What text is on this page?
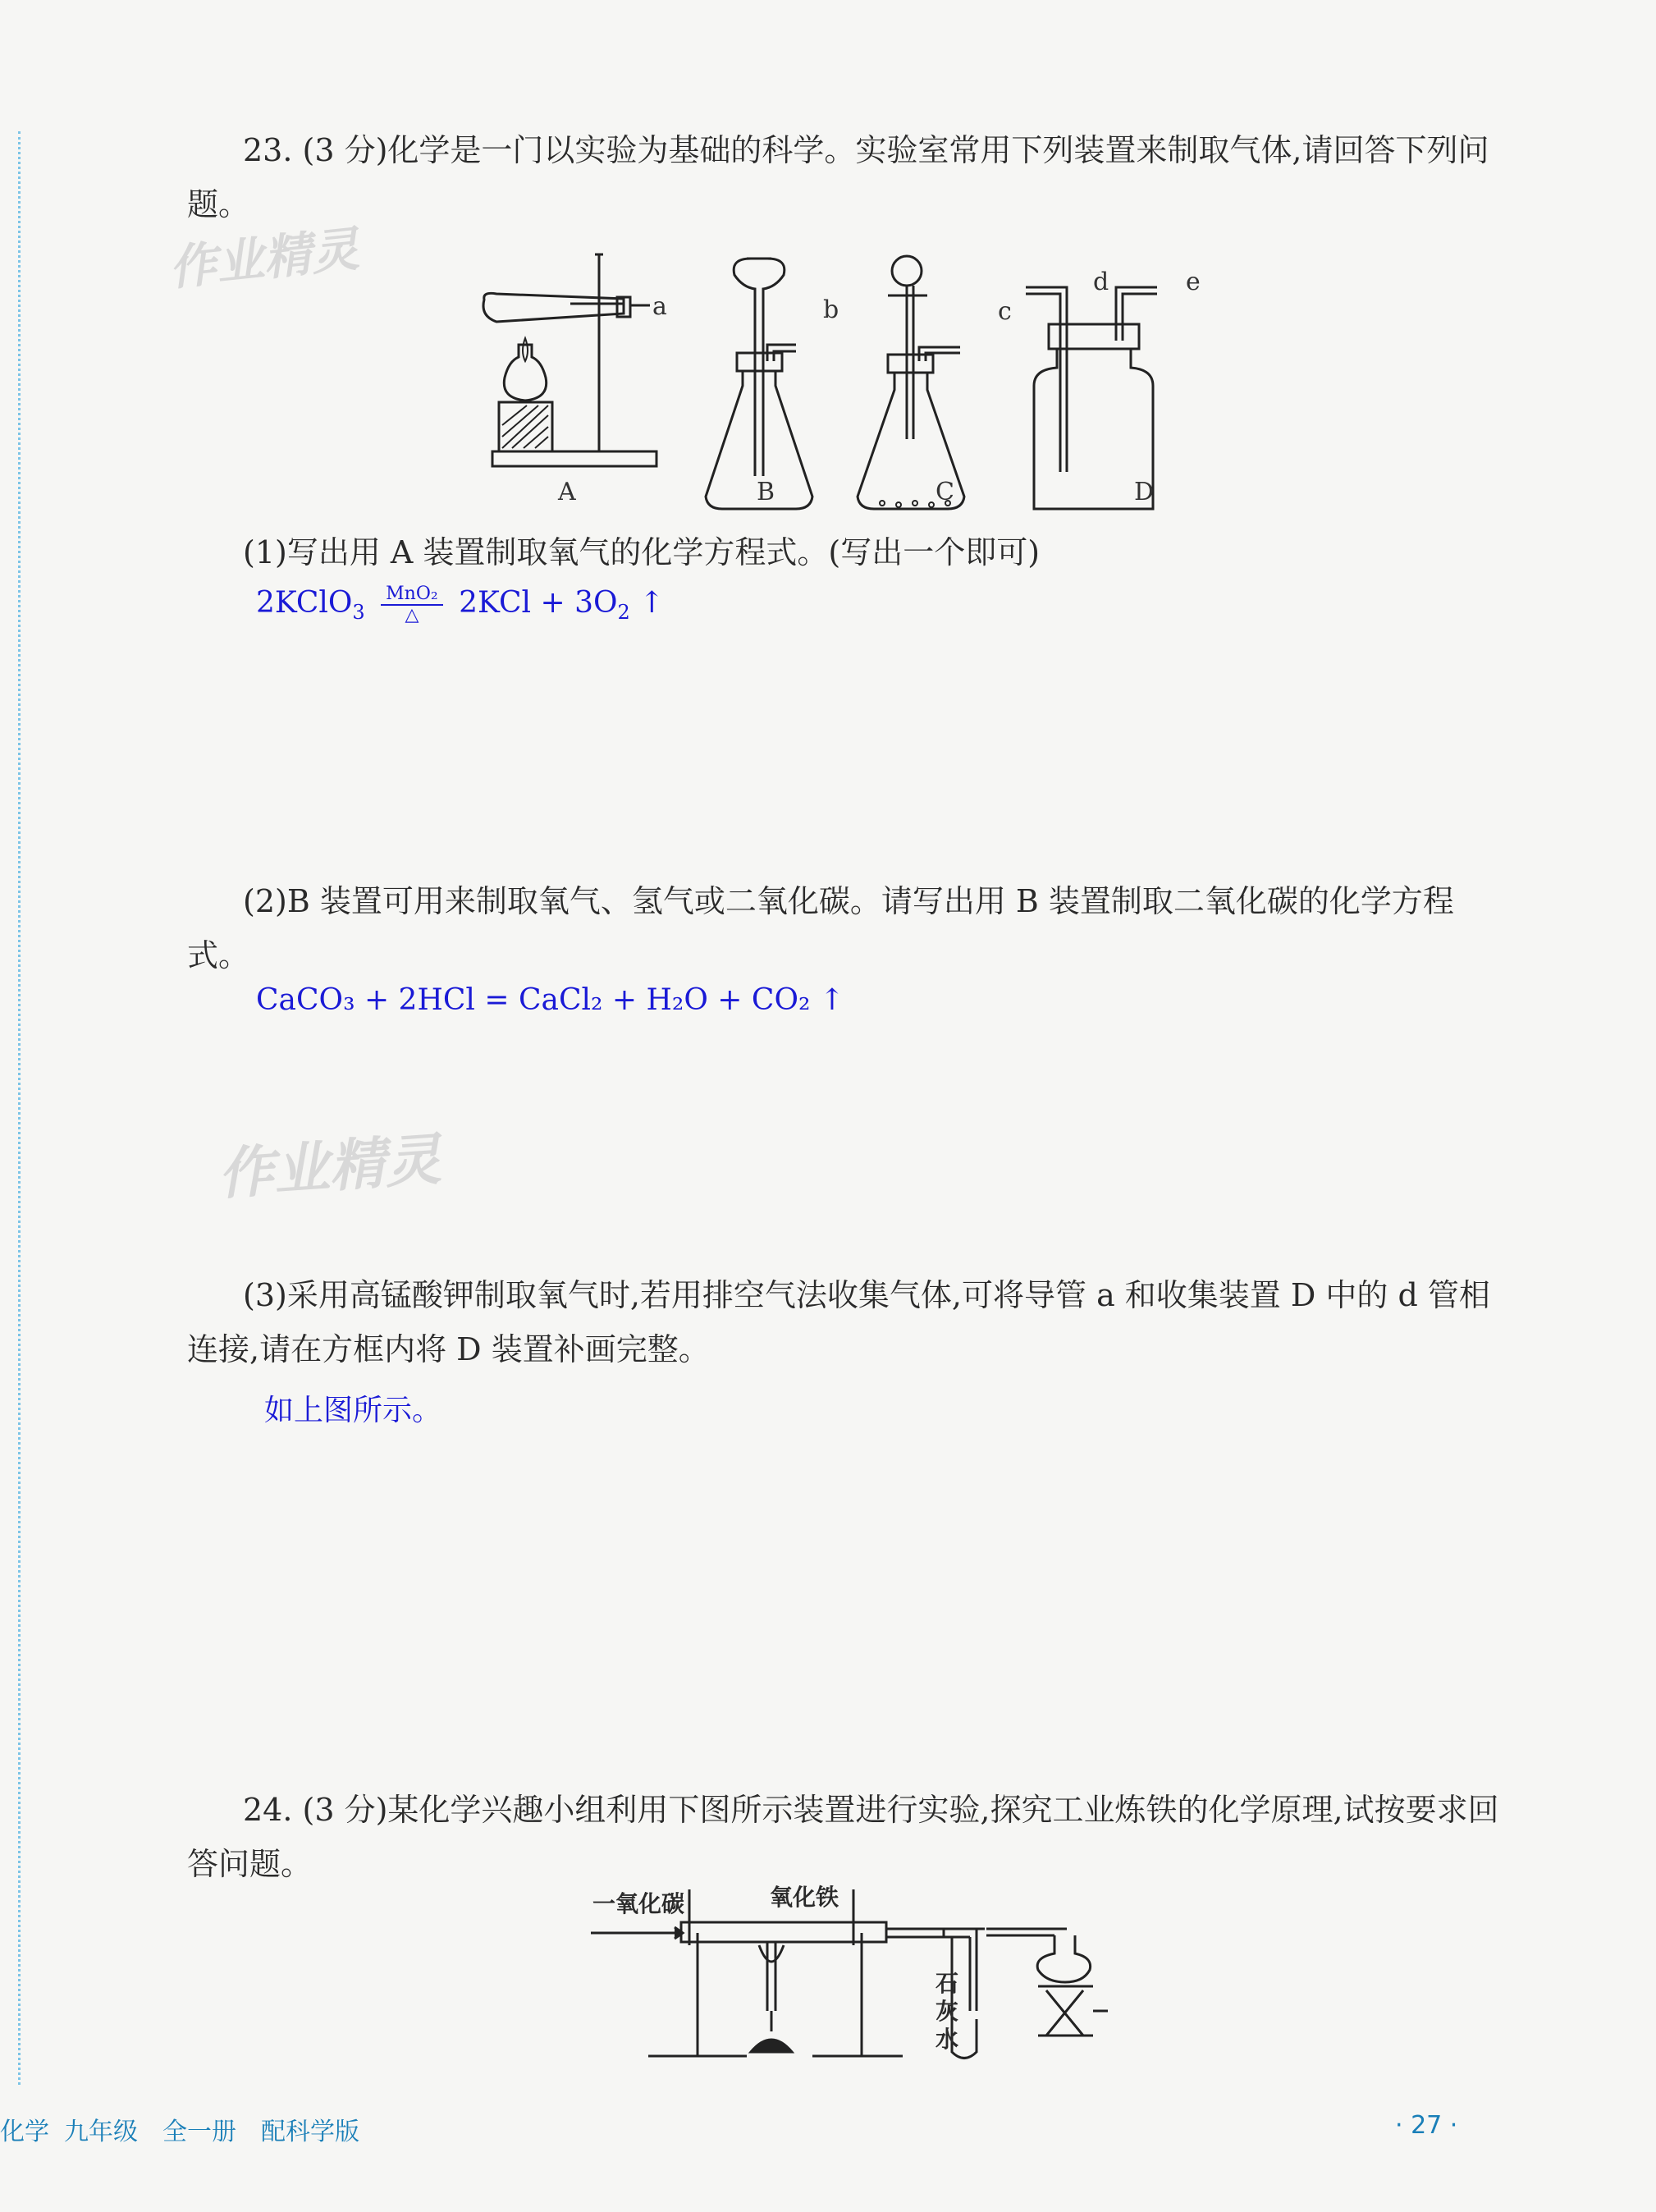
23. (3 分)化学是一门以实验为基础的科学。实验室常用下列装置来制取气体,请回答下列问题。
作业精灵
a	b	c
d	e
A	B	C	D
(1)写出用 A 装置制取氧气的化学方程式。(写出一个即可)
2KClO$_3$ $\frac{\text{MnO₂}}{\triangle} 2KCl + 3O_2$ ↑
(2)B 装置可用来制取氧气、氢气或二氧化碳。请写出用 B 装置制取二氧化碳的化学方程式。
CaCO₃ + 2HCl = CaCl₂ + H₂O + CO₂ ↑
作业精灵
(3)采用高锰酸钾制取氧气时,若用排空气法收集气体,可将导管 a 和收集装置 D 中的 d 管相连接,请在方框内将 D 装置补画完整。
如上图所示。
24. (3 分)某化学兴趣小组利用下图所示装置进行实验,探究工业炼铁的化学原理,试按要求回答问题。
一氧化碳	氧化铁
石灰水
化学 九年级 全一册 配科学版	· 27 ·
